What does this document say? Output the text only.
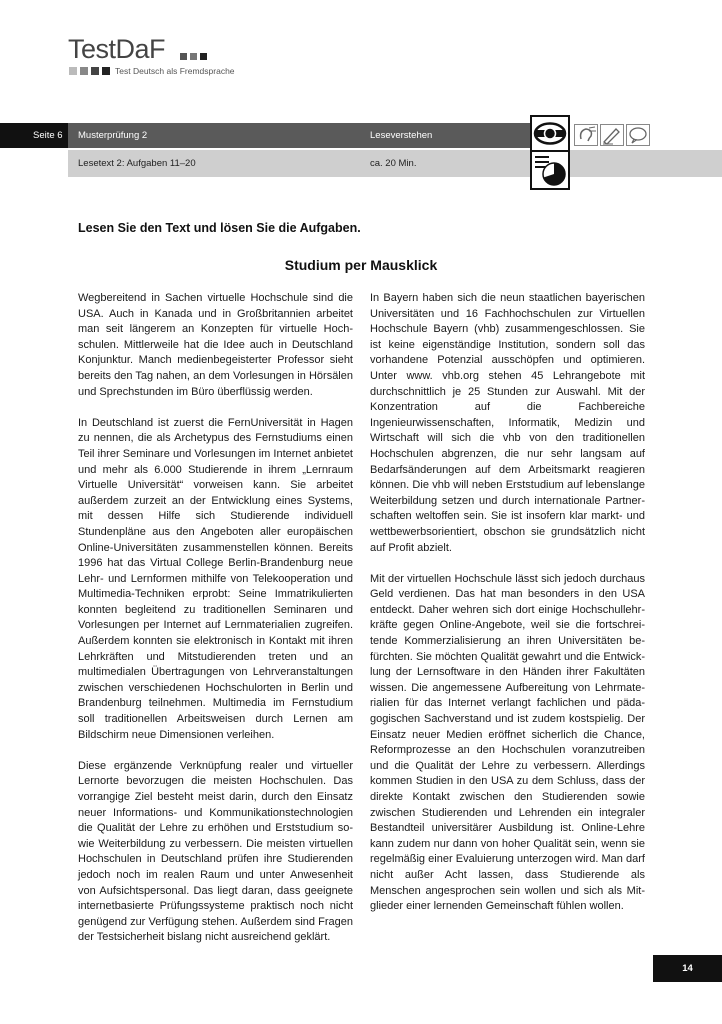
TestDaF
Test Deutsch als Fremdsprache
Seite 6 Musterprüfung 2	Leseverstehen
Lesetext 2: Aufgaben 11–20	ca. 20 Min.
Lesen Sie den Text und lösen Sie die Aufgaben.
Studium per Mausklick

Wegbereitend in Sachen virtuelle Hochschule sind die USA. Auch in Kanada und in Großbritannien arbeitet man seit längerem an Konzepten für virtuelle Hochschulen. Mittlerweile hat die Idee auch in Deutschland Konjunktur. Manch medienbegeisterter Professor sieht bereits den Tag nahen, an dem Vorlesungen in Hörsälen und Sprechstunden im Büro überflüssig werden.

In Deutschland ist zuerst die FernUniversität in Hagen zu nennen, die als Archetypus des Fernstudiums einen Teil ihrer Seminare und Vorlesungen im Internet anbietet und mehr als 6.000 Studierende in ihrem „Lernraum Virtuelle Universität“ vorweisen kann. Sie arbeitet außerdem zurzeit an der Entwicklung eines Systems, mit dessen Hilfe sich Studierende individuell Stundenpläne aus den Angeboten aller europäischen Online-Universitäten zusammenstellen können. Bereits 1996 hat das Virtual College Berlin-Brandenburg neue Lehr- und Lernformen mithilfe von Telekooperation und Multimedia-Techniken erprobt: Seine Immatrikulierten konnten begleitend zu traditionellen Seminaren und Vorlesungen per Internet auf Lernmaterialien zugreifen. Außerdem konnten sie elektronisch in Kontakt mit ihren Lehrkräften und Mitstudierenden treten und an multimedialen Übertragungen von Lehrveranstaltungen zwischen verschiedenen Hochschulorten in Berlin und Brandenburg teilnehmen. Multimedia im Fernstudium soll traditionellen Arbeitsweisen durch Lernen am Bildschirm neue Dimensionen verleihen.

Diese ergänzende Verknüpfung realer und virtueller Lernorte bevorzugen die meisten Hochschulen. Das vorrangige Ziel besteht meist darin, durch den Einsatz neuer Informations- und Kommunikationstechnologien die Qualität der Lehre zu erhöhen und Erststudium sowie Weiterbildung zu verbessern. Die meisten virtuellen Hochschulen in Deutschland prüfen ihre Studierenden jedoch noch im realen Raum und unter Anwesenheit von Aufsichtspersonal. Das liegt daran, dass geeignete internetbasierte Prüfungssysteme praktisch noch nicht genügend zur Verfügung stehen. Außerdem sind Fragen der Testsicherheit bislang nicht ausreichend geklärt.

In Bayern haben sich die neun staatlichen bayerischen Universitäten und 16 Fachhochschulen zur Virtuellen Hochschule Bayern (vhb) zusammengeschlossen. Sie ist keine eigenständige Institution, sondern soll das vorhandene Potenzial ausschöpfen und optimieren. Unter www. vhb.org stehen 45 Lehrangebote mit durchschnittlich je 25 Stunden zur Auswahl. Mit der Konzentration auf die Fachbereiche Ingenieurwissenschaften, Informatik, Medizin und Wirtschaft will sich die vhb von den traditionellen Hochschulen abgrenzen, die nur sehr langsam auf Bedarfsänderungen auf dem Arbeitsmarkt reagieren können. Die vhb will neben Erststudium auf lebenslange Weiterbildung setzen und durch internationale Partnerschaften weltoffen sein. Sie ist insofern klar markt- und wettbewerbsorientiert, obschon sie grundsätzlich nicht auf Profit abzielt.

Mit der virtuellen Hochschule lässt sich jedoch durchaus Geld verdienen. Das hat man besonders in den USA entdeckt. Daher wehren sich dort einige Hochschullehrkräfte gegen Online-Angebote, weil sie die fortschreitende Kommerzialisierung an ihren Universitäten befürchten. Sie möchten Qualität gewahrt und die Entwicklung der Lernsoftware in den Händen ihrer Fakultäten wissen. Die angemessene Aufbereitung von Lehrmaterialien für das Internet verlangt fachlichen und pädagogischen Sachverstand und ist zudem kostspielig. Der Einsatz neuer Medien eröffnet sicherlich die Chance, Reformprozesse an den Hochschulen voranzutreiben und die Qualität der Lehre zu verbessern. Allerdings kommen Studien in den USA zu dem Schluss, dass der direkte Kontakt zwischen den Studierenden sowie zwischen Studierenden und Lehrenden ein integraler Bestandteil universitärer Ausbildung ist. Online-Lehre kann zudem nur dann von hoher Qualität sein, wenn sie regelmäßig einer Evaluierung unterzogen wird. Man darf nicht außer Acht lassen, dass Studierende als Menschen angesprochen sein wollen und sich als Mitglieder einer lernenden Gemeinschaft fühlen wollen.

14
